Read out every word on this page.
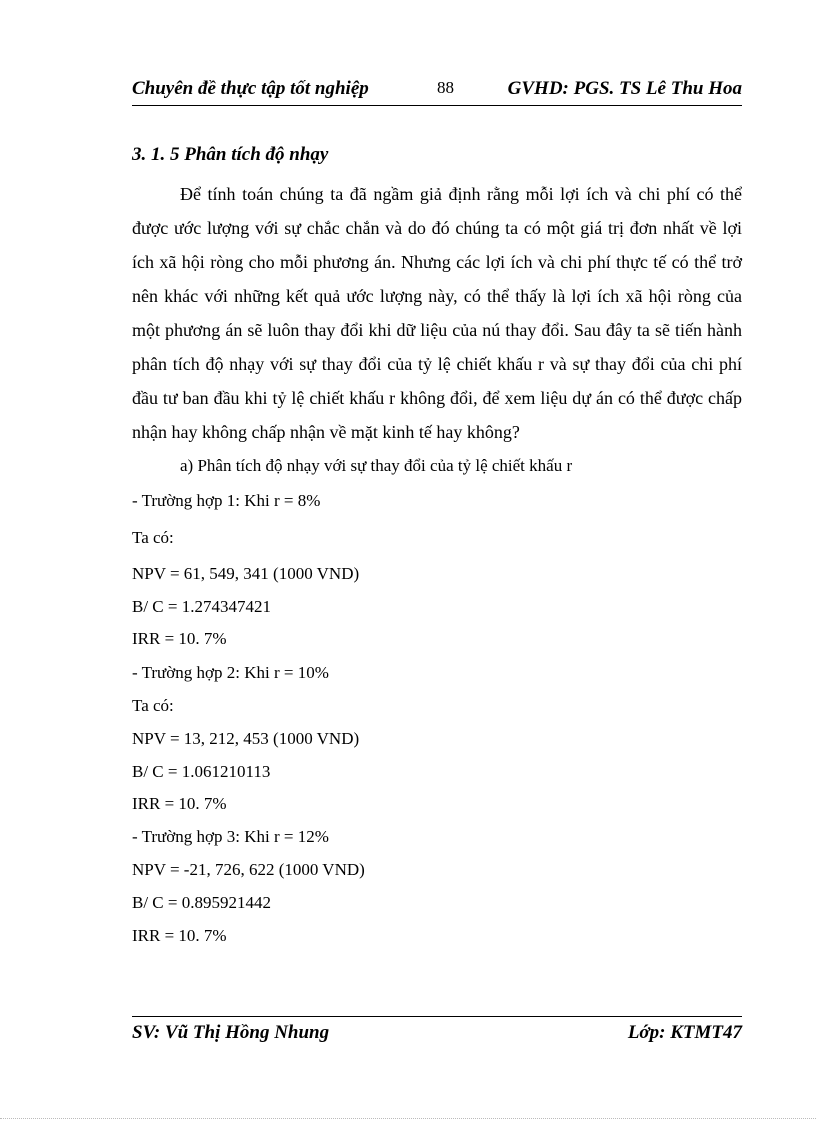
Chuyên đề thực tập tốt nghiệp	88	GVHD: PGS. TS Lê Thu Hoa
3. 1. 5 Phân tích độ nhạy

Để tính toán chúng ta đã ngầm giả định rằng mỗi lợi ích và chi phí có thể được ước lượng với sự chắc chắn và do đó chúng ta có một giá trị đơn nhất về lợi ích xã hội ròng cho mỗi phương án. Nhưng các lợi ích và chi phí thực tế có thể trở nên khác với những kết quả ước lượng này, có thể thấy là lợi ích xã hội ròng của một phương án sẽ luôn thay đổi khi dữ liệu của nú thay đổi. Sau đây ta sẽ tiến hành phân tích độ nhạy với sự thay đổi của tỷ lệ chiết khấu r và sự thay đổi của chi phí đầu tư ban đầu khi tỷ lệ chiết khấu r không đổi, để xem liệu dự án có thể được chấp nhận hay không chấp nhận về mặt kinh tế hay không?

a) Phân tích độ nhạy với sự thay đổi của tỷ lệ chiết khấu r
- Trường hợp 1: Khi r = 8%
Ta có:
NPV = 61, 549, 341 (1000 VND)
B/ C = 1.274347421
IRR = 10. 7%
- Trường hợp 2: Khi r = 10%
Ta có:
NPV = 13, 212, 453 (1000 VND)
B/ C = 1.061210113
IRR = 10. 7%
- Trường hợp 3: Khi r = 12%
NPV = -21, 726, 622 (1000 VND)
B/ C = 0.895921442
IRR = 10. 7%
SV: Vũ Thị Hồng Nhung	Lớp: KTMT47
